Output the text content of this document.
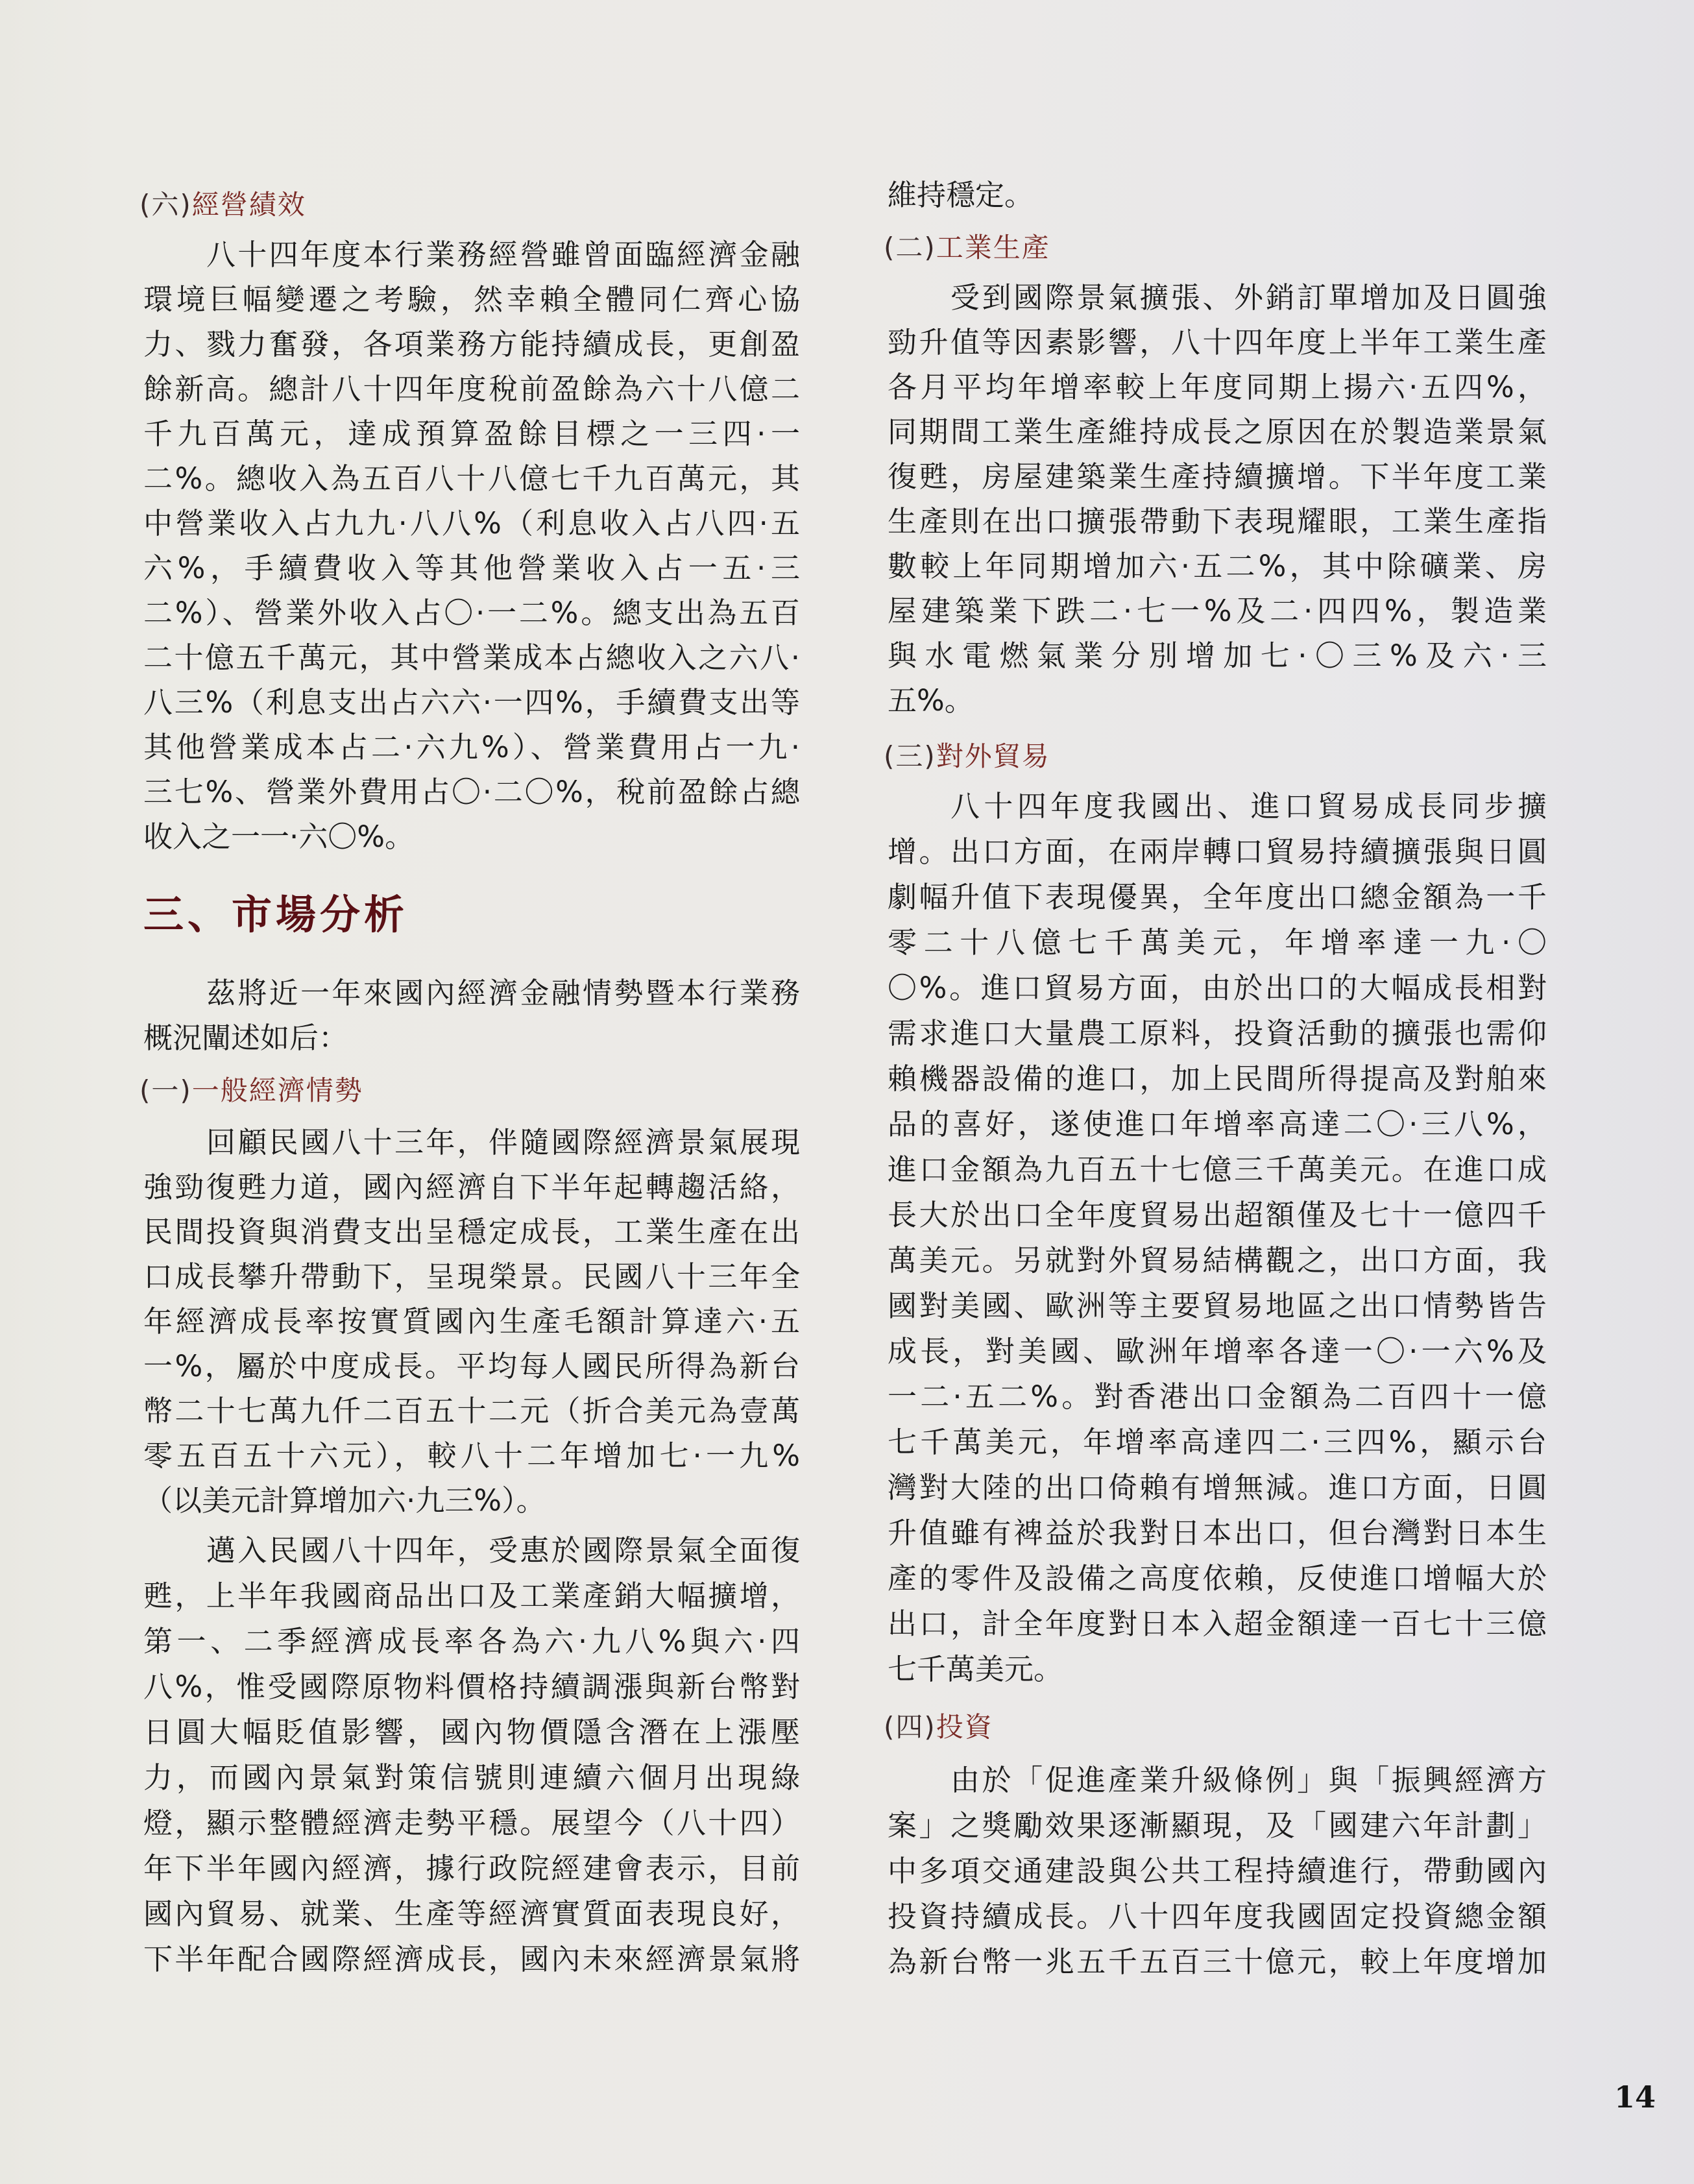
(六)經營績效
八十四年度本行業務經營雖曾面臨經濟金融
環境巨幅變遷之考驗，然幸賴全體同仁齊心協
力、戮力奮發，各項業務方能持續成長，更創盈
餘新高。總計八十四年度稅前盈餘為六十八億二
千九百萬元，達成預算盈餘目標之一三四·一
二%。總收入為五百八十八億七千九百萬元，其
中營業收入占九九·八八%（利息收入占八四·五
六%，手續費收入等其他營業收入占一五·三
二%）、營業外收入占〇·一二%。總支出為五百
二十億五千萬元，其中營業成本占總收入之六八·
八三%（利息支出占六六·一四%，手續費支出等
其他營業成本占二·六九%）、營業費用占一九·
三七%、營業外費用占〇·二〇%，稅前盈餘占總
收入之一一·六〇%。
三、市場分析
茲將近一年來國內經濟金融情勢暨本行業務
概況闡述如后：
(一)一般經濟情勢
回顧民國八十三年，伴隨國際經濟景氣展現
強勁復甦力道，國內經濟自下半年起轉趨活絡，
民間投資與消費支出呈穩定成長，工業生產在出
口成長攀升帶動下，呈現榮景。民國八十三年全
年經濟成長率按實質國內生產毛額計算達六·五
一%，屬於中度成長。平均每人國民所得為新台
幣二十七萬九仟二百五十二元（折合美元為壹萬
零五百五十六元），較八十二年增加七·一九%
（以美元計算增加六·九三%）。
邁入民國八十四年，受惠於國際景氣全面復
甦，上半年我國商品出口及工業產銷大幅擴增，
第一、二季經濟成長率各為六·九八%與六·四
八%，惟受國際原物料價格持續調漲與新台幣對
日圓大幅貶值影響，國內物價隱含潛在上漲壓
力，而國內景氣對策信號則連續六個月出現綠
燈，顯示整體經濟走勢平穩。展望今（八十四）
年下半年國內經濟，據行政院經建會表示，目前
國內貿易、就業、生產等經濟實質面表現良好，
下半年配合國際經濟成長，國內未來經濟景氣將
維持穩定。
(二)工業生產
受到國際景氣擴張、外銷訂單增加及日圓強
勁升值等因素影響，八十四年度上半年工業生產
各月平均年增率較上年度同期上揚六·五四%，
同期間工業生產維持成長之原因在於製造業景氣
復甦，房屋建築業生產持續擴增。下半年度工業
生產則在出口擴張帶動下表現耀眼，工業生產指
數較上年同期增加六·五二%，其中除礦業、房
屋建築業下跌二·七一%及二·四四%，製造業
與水電燃氣業分別增加七·〇三%及六·三
五%。
(三)對外貿易
八十四年度我國出、進口貿易成長同步擴
增。出口方面，在兩岸轉口貿易持續擴張與日圓
劇幅升值下表現優異，全年度出口總金額為一千
零二十八億七千萬美元，年增率達一九·〇
〇%。進口貿易方面，由於出口的大幅成長相對
需求進口大量農工原料，投資活動的擴張也需仰
賴機器設備的進口，加上民間所得提高及對舶來
品的喜好，遂使進口年增率高達二〇·三八%，
進口金額為九百五十七億三千萬美元。在進口成
長大於出口全年度貿易出超額僅及七十一億四千
萬美元。另就對外貿易結構觀之，出口方面，我
國對美國、歐洲等主要貿易地區之出口情勢皆告
成長，對美國、歐洲年增率各達一〇·一六%及
一二·五二%。對香港出口金額為二百四十一億
七千萬美元，年增率高達四二·三四%，顯示台
灣對大陸的出口倚賴有增無減。進口方面，日圓
升值雖有裨益於我對日本出口，但台灣對日本生
產的零件及設備之高度依賴，反使進口增幅大於
出口，計全年度對日本入超金額達一百七十三億
七千萬美元。
(四)投資
由於「促進產業升級條例」與「振興經濟方
案」之獎勵效果逐漸顯現，及「國建六年計劃」
中多項交通建設與公共工程持續進行，帶動國內
投資持續成長。八十四年度我國固定投資總金額
為新台幣一兆五千五百三十億元，較上年度增加
14
